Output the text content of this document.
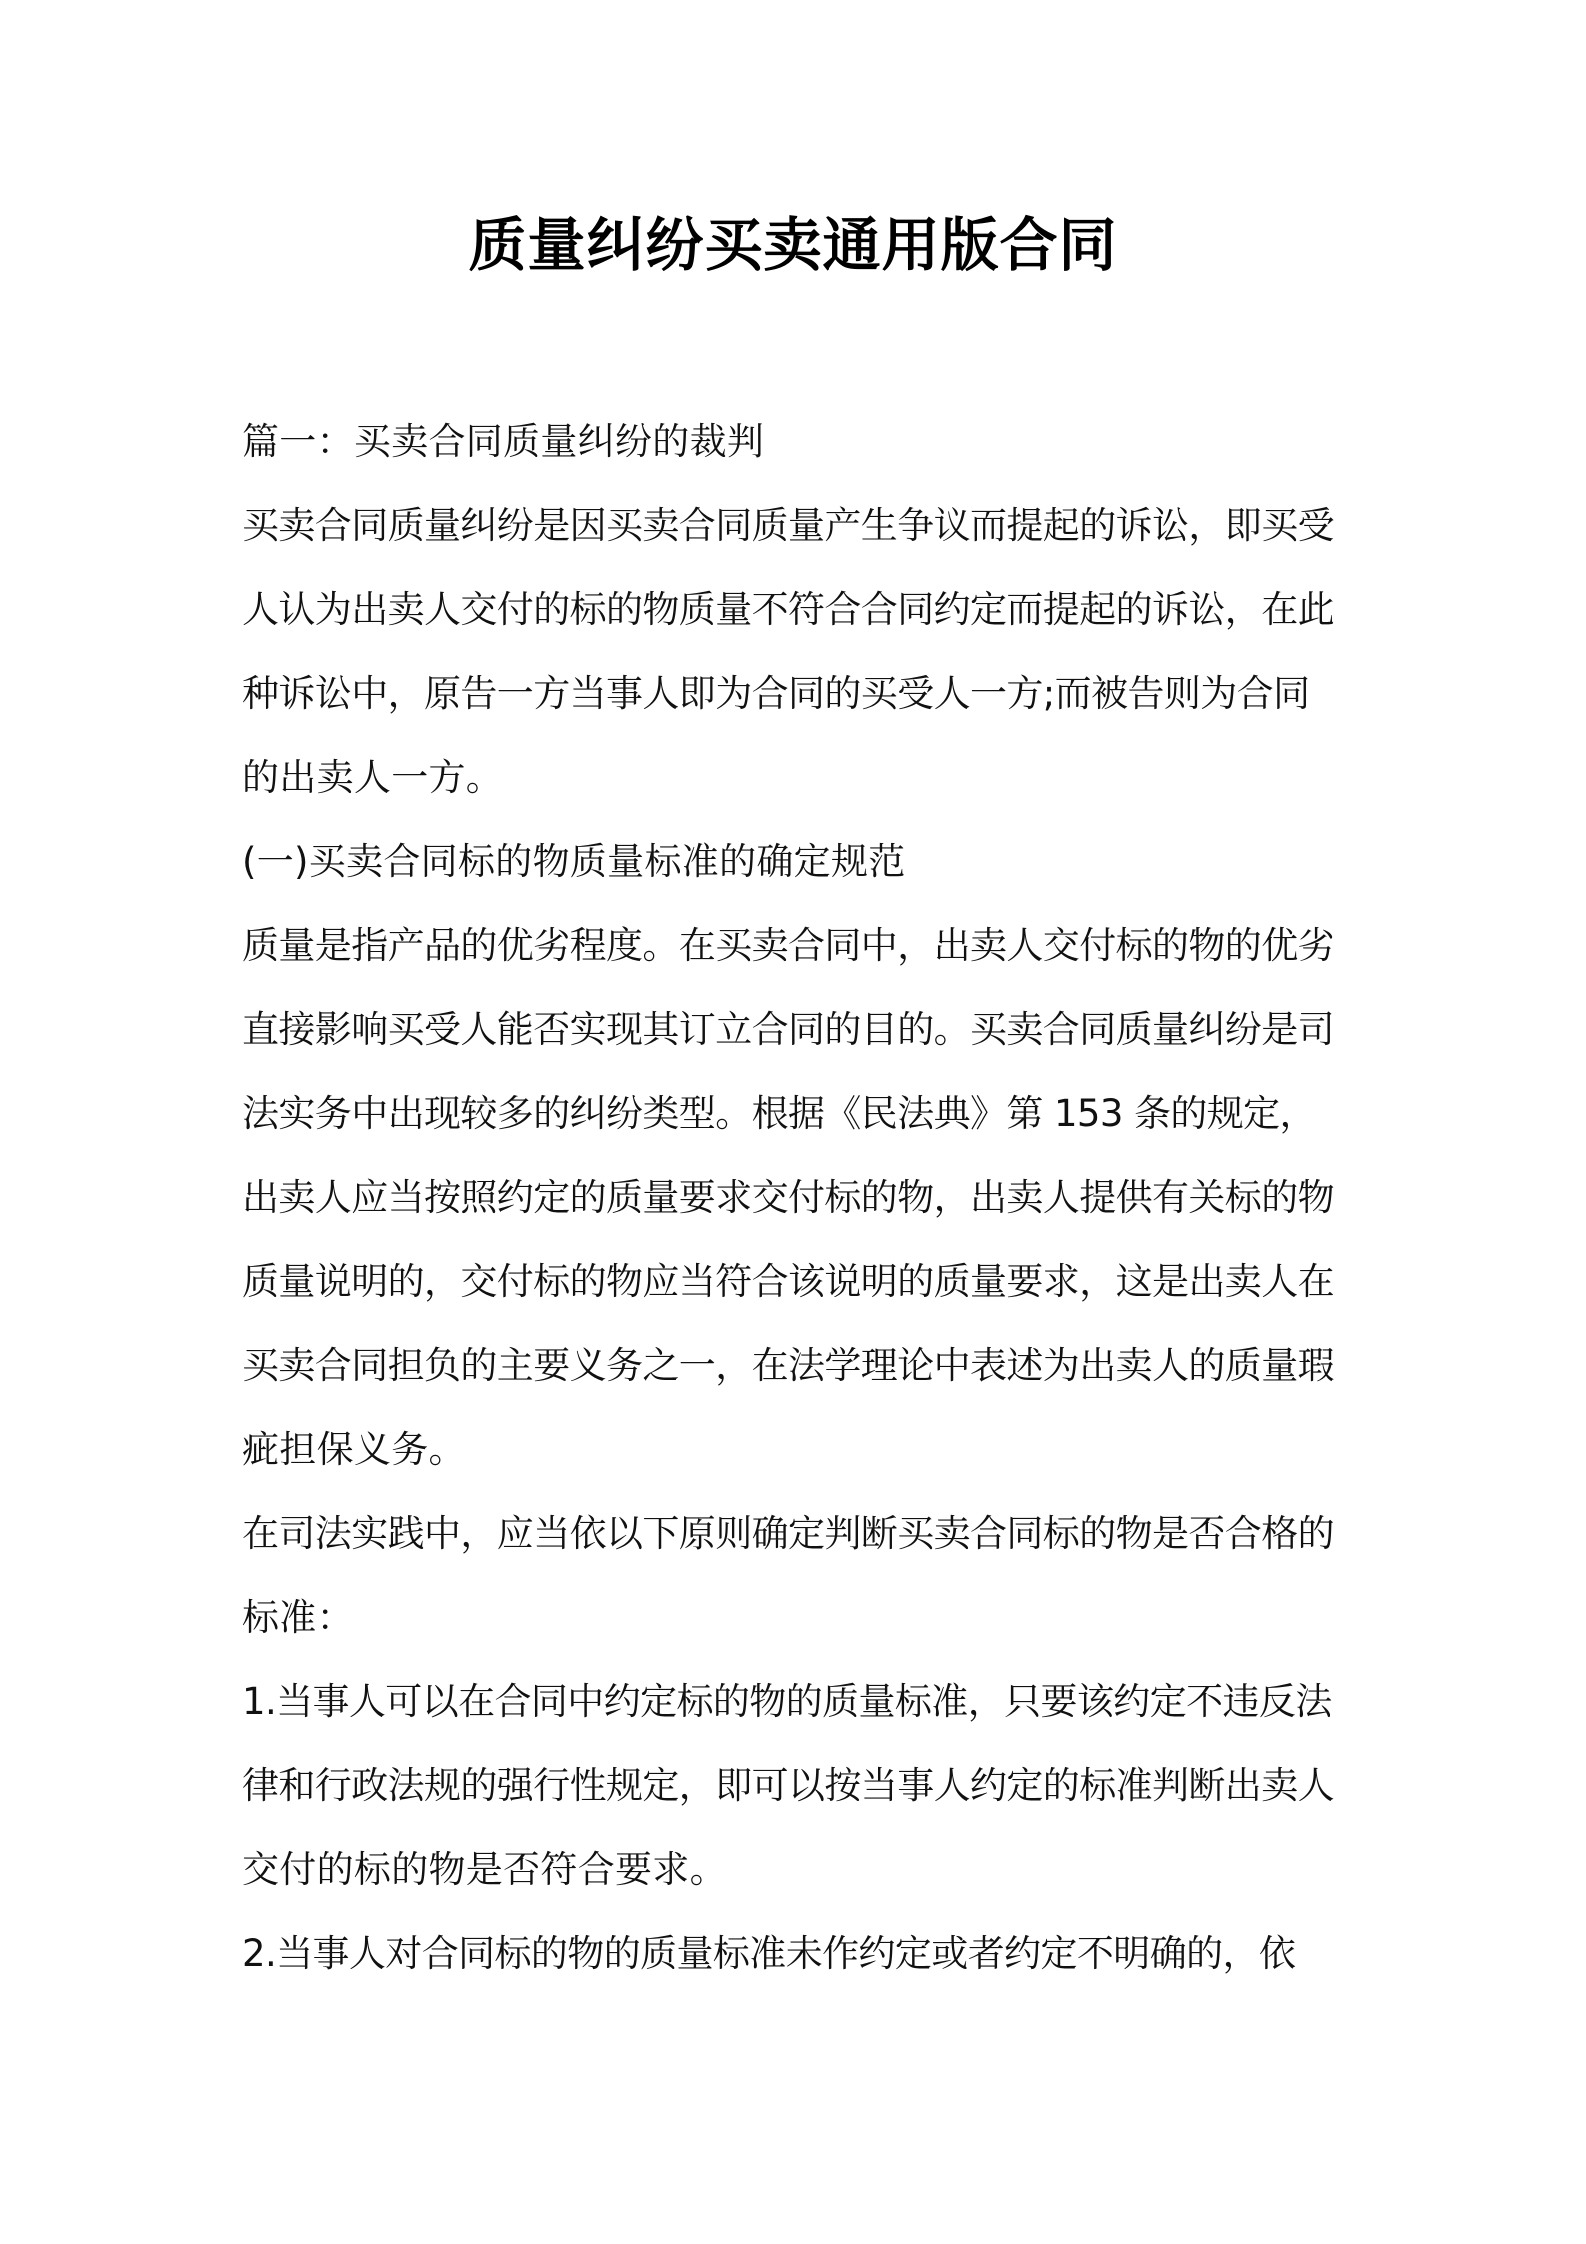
质量纠纷买卖通用版合同
篇一：买卖合同质量纠纷的裁判
买卖合同质量纠纷是因买卖合同质量产生争议而提起的诉讼，即买受
人认为出卖人交付的标的物质量不符合合同约定而提起的诉讼，在此
种诉讼中，原告一方当事人即为合同的买受人一方;而被告则为合同
的出卖人一方。
(一)买卖合同标的物质量标准的确定规范
质量是指产品的优劣程度。在买卖合同中，出卖人交付标的物的优劣
直接影响买受人能否实现其订立合同的目的。买卖合同质量纠纷是司
法实务中出现较多的纠纷类型。根据《民法典》第 153 条的规定，
出卖人应当按照约定的质量要求交付标的物，出卖人提供有关标的物
质量说明的，交付标的物应当符合该说明的质量要求，这是出卖人在
买卖合同担负的主要义务之一，在法学理论中表述为出卖人的质量瑕
疵担保义务。
在司法实践中，应当依以下原则确定判断买卖合同标的物是否合格的
标准：
1.当事人可以在合同中约定标的物的质量标准，只要该约定不违反法
律和行政法规的强行性规定，即可以按当事人约定的标准判断出卖人
交付的标的物是否符合要求。
2.当事人对合同标的物的质量标准未作约定或者约定不明确的，依
